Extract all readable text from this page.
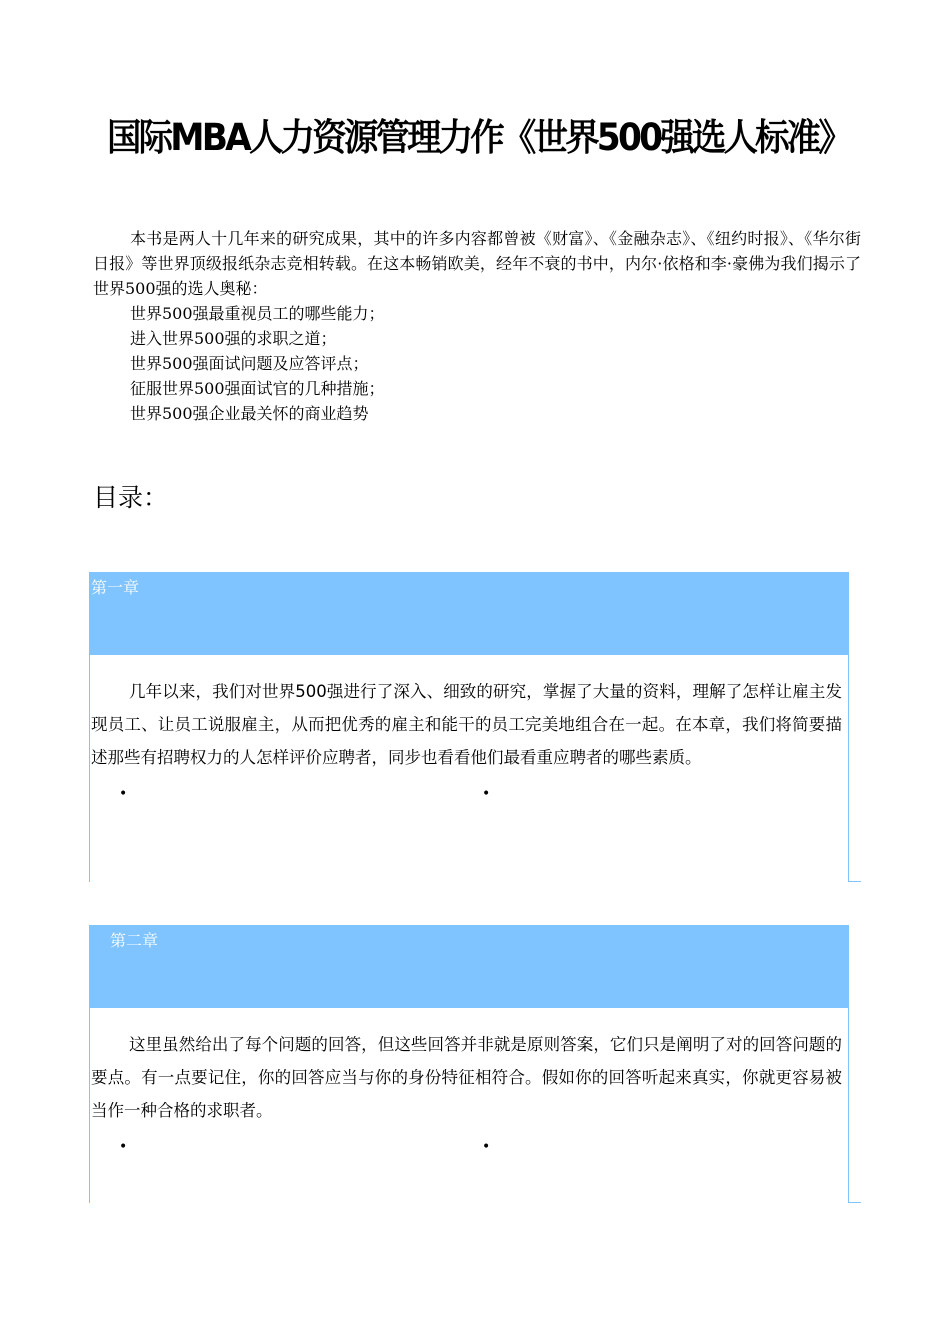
国际MBA人力资源管理力作《世界500强选人标准》

本书是两人十几年来的研究成果，其中的许多内容都曾被《财富》、《金融杂志》、《纽约时报》、《华尔街日报》等世界顶级报纸杂志竞相转载。在这本畅销欧美，经年不衰的书中，内尔·依格和李·豪佛为我们揭示了世界500强的选人奥秘：

世界500强最重视员工的哪些能力；
进入世界500强的求职之道；
世界500强面试问题及应答评点；
征服世界500强面试官的几种措施；
世界500强企业最关怀的商业趋势
目录：
第一章

几年以来，我们对世界500强进行了深入、细致的研究，掌握了大量的资料，理解了怎样让雇主发现员工、让员工说服雇主，从而把优秀的雇主和能干的员工完美地组合在一起。在本章，我们将简要描述那些有招聘权力的人怎样评价应聘者，同步也看看他们最看重应聘者的哪些素质。

•	•
第二章

这里虽然给出了每个问题的回答，但这些回答并非就是原则答案，它们只是阐明了对的回答问题的要点。有一点要记住，你的回答应当与你的身份特征相符合。假如你的回答听起来真实，你就更容易被当作一种合格的求职者。

•	•
